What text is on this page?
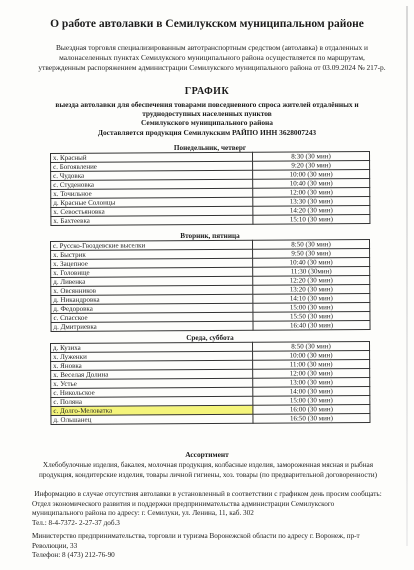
О работе автолавки в Семилукском муниципальном районе
Выездная торговля специализированным автотранспортным средством (автолавка) в отдаленных и малонаселенных пунктах Семилукского муниципального района осуществляется по маршрутам, утвержденным распоряжением администрации Семилукского муниципального района от 03.09.2024 № 217-р.
ГРАФИК
выезда автолавки для обеспечения товарами повседневного спроса жителей отдалённых и труднодоступных населенных пунктов
Семилукского муниципального района
Доставляется продукция Семилукским РАЙПО ИНН 3628007243
Понедельник, четверг
х. Красный	8:30 (30 мин)
с. Богоявление	9:20 (30 мин)
с. Чудовка	10:00 (30 мин)
с. Студеновка	10:40 (30 мин)
х. Точильное	12:00 (30 мин)
д. Красные Солонцы	13:30 (30 мин)
х. Севостьяновка	14:20 (30 мин)
х. Бахтеевка	15:10 (30 мин)
Вторник, пятница
с. Русско-Гвоздевские выселки	8:50 (30 мин)
х. Быстрик	9:50 (30 мин)
х. Зацепное	10:40 (30 мин)
х. Головище	11:30 (30мин)
д. Ливенка	12:20 (30 мин)
х. Овсянников	13:20 (30 мин)
д. Никандровка	14:10 (30 мин)
д. Федоровка	15:00 (30 мин)
с. Спасское	15:50 (30 мин)
д. Дмитриевка	16:40 (30 мин)
Среда, суббота
д. Кузиха	8:50 (30 мин)
х. Луженки	10:00 (30 мин)
х. Яновка	11:00 (30 мин)
х. Веселая Долина	12:00 (30 мин)
х. Устье	13:00 (30 мин)
с. Никольское	14:00 (30 мин)
с. Поляна	15:00 (30 мин)
с. Долго-Меловатка	16:00 (30 мин)
д. Ольшанец	16:50 (30 мин)
Ассортимент
Хлебобулочные изделия, бакалея, молочная продукция, колбасные изделия, замороженная мясная и рыбная продукция, кондитерские изделия, товары личной гигиены, хоз. товары (по предварительной договоренности)

Информацию в случае отсутствия автолавки в установленный в соответствии с графиком день просим сообщать:

Отдел экономического развития и поддержки предпринимательства администрации Семилукского муниципального района по адресу: г. Семилуки, ул. Ленина, 11, каб. 302

Тел.: 8-4-7372- 2-27-37 доб.3

Министерство предпринимательства, торговли и туризма Воронежской области по адресу г. Воронеж, пр-т Революции, 33

Телефон: 8 (473) 212-76-90
